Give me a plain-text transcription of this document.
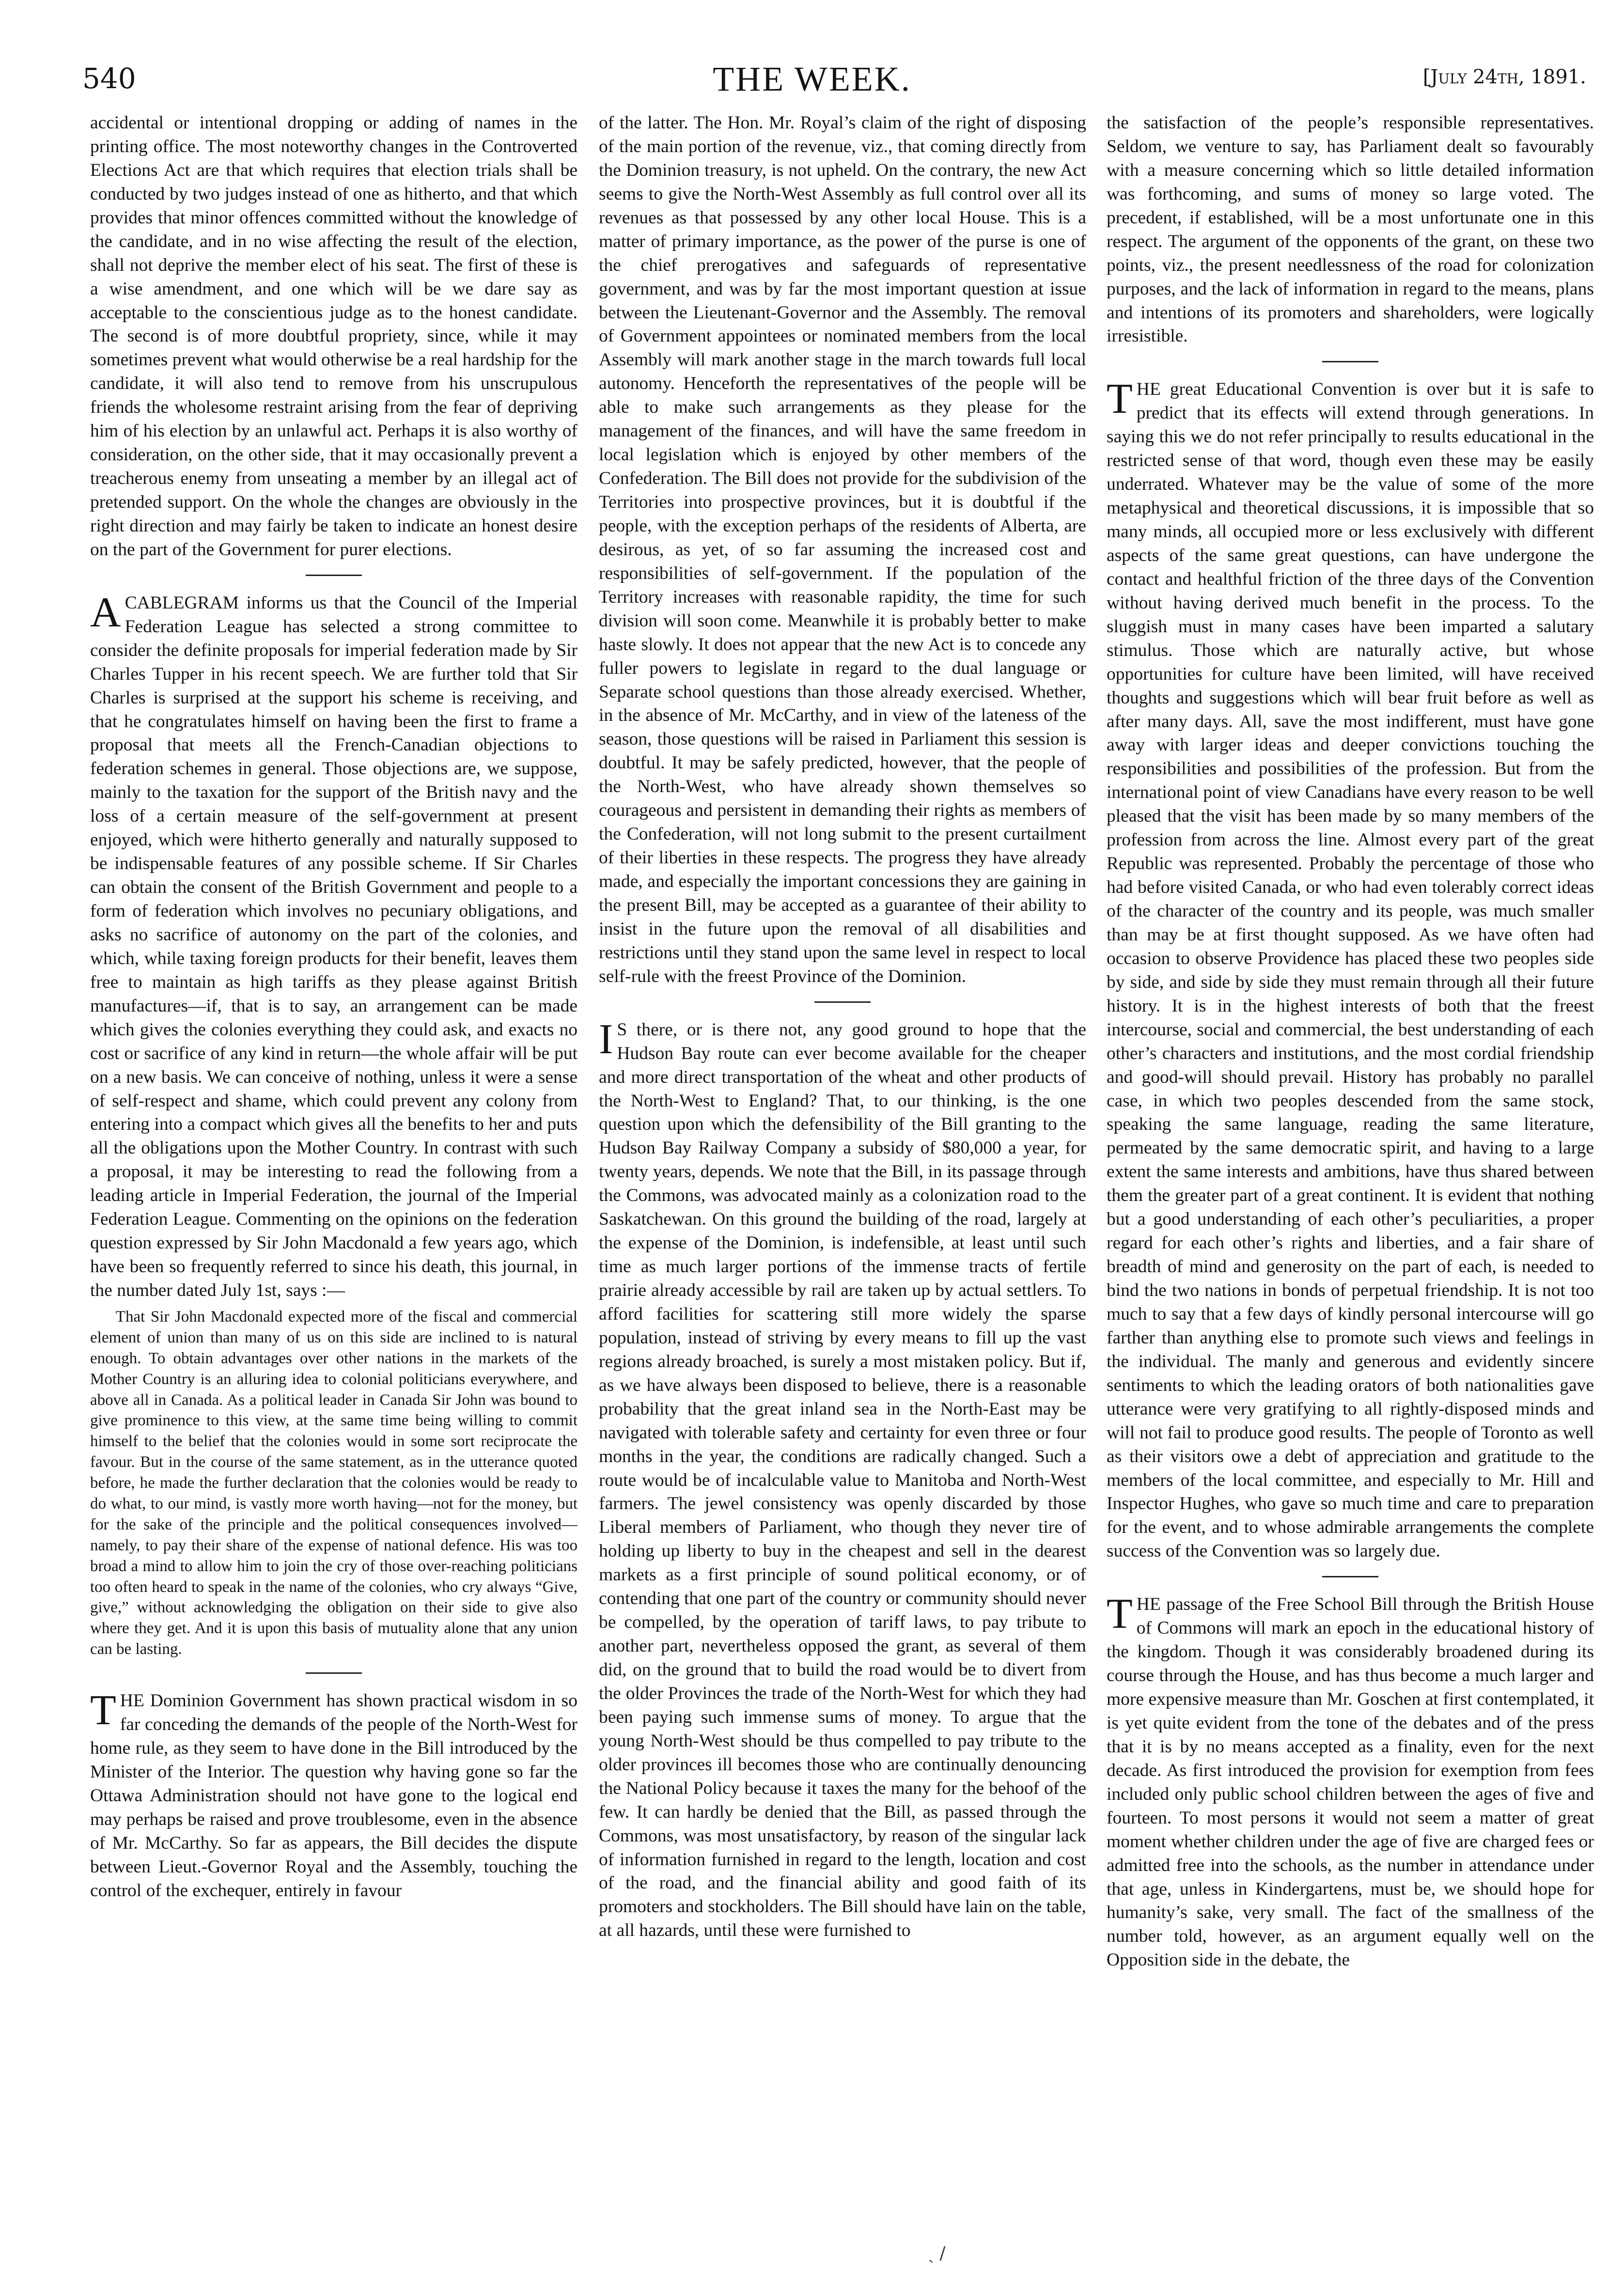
540	THE WEEK.	[July 24th, 1891.

accidental or intentional dropping or adding of names in the printing office. The most noteworthy changes in the Controverted Elections Act are that which requires that election trials shall be conducted by two judges instead of one as hitherto, and that which provides that minor offences committed without the knowledge of the candidate, and in no wise affecting the result of the election, shall not deprive the member elect of his seat. The first of these is a wise amendment, and one which will be we dare say as acceptable to the conscientious judge as to the honest candidate. The second is of more doubtful propriety, since, while it may sometimes prevent what would otherwise be a real hardship for the candidate, it will also tend to remove from his unscrupulous friends the wholesome restraint arising from the fear of depriving him of his election by an unlawful act. Perhaps it is also worthy of consideration, on the other side, that it may occasionally prevent a treacherous enemy from unseating a member by an illegal act of pretended support. On the whole the changes are obviously in the right direction and may fairly be taken to indicate an honest desire on the part of the Government for purer elections.

ACABLEGRAM informs us that the Council of the Imperial Federation League has selected a strong committee to consider the definite proposals for imperial federation made by Sir Charles Tupper in his recent speech. We are further told that Sir Charles is surprised at the support his scheme is receiving, and that he congratulates himself on having been the first to frame a proposal that meets all the French-Canadian objections to federation schemes in general. Those objections are, we suppose, mainly to the taxation for the support of the British navy and the loss of a certain measure of the self-government at present enjoyed, which were hitherto generally and naturally supposed to be indispensable features of any possible scheme. If Sir Charles can obtain the consent of the British Government and people to a form of federation which involves no pecuniary obligations, and asks no sacrifice of autonomy on the part of the colonies, and which, while taxing foreign products for their benefit, leaves them free to maintain as high tariffs as they please against British manufactures—if, that is to say, an arrangement can be made which gives the colonies everything they could ask, and exacts no cost or sacrifice of any kind in return—the whole affair will be put on a new basis. We can conceive of nothing, unless it were a sense of self-respect and shame, which could prevent any colony from entering into a compact which gives all the benefits to her and puts all the obligations upon the Mother Country. In contrast with such a proposal, it may be interesting to read the following from a leading article in Imperial Federation, the journal of the Imperial Federation League. Commenting on the opinions on the federation question expressed by Sir John Macdonald a few years ago, which have been so frequently referred to since his death, this journal, in the number dated July 1st, says :—

That Sir John Macdonald expected more of the fiscal and commercial element of union than many of us on this side are inclined to is natural enough. To obtain advantages over other nations in the markets of the Mother Country is an alluring idea to colonial politicians everywhere, and above all in Canada. As a political leader in Canada Sir John was bound to give prominence to this view, at the same time being willing to commit himself to the belief that the colonies would in some sort reciprocate the favour. But in the course of the same statement, as in the utterance quoted before, he made the further declaration that the colonies would be ready to do what, to our mind, is vastly more worth having—not for the money, but for the sake of the principle and the political consequences involved—namely, to pay their share of the expense of national defence. His was too broad a mind to allow him to join the cry of those over-reaching politicians too often heard to speak in the name of the colonies, who cry always “Give, give,” without acknowledging the obligation on their side to give also where they get. And it is upon this basis of mutuality alone that any union can be lasting.

THE Dominion Government has shown practical wisdom in so far conceding the demands of the people of the North-West for home rule, as they seem to have done in the Bill introduced by the Minister of the Interior. The question why having gone so far the Ottawa Administration should not have gone to the logical end may perhaps be raised and prove troublesome, even in the absence of Mr. McCarthy. So far as appears, the Bill decides the dispute between Lieut.-Governor Royal and the Assembly, touching the control of the exchequer, entirely in favour

of the latter. The Hon. Mr. Royal’s claim of the right of disposing of the main portion of the revenue, viz., that coming directly from the Dominion treasury, is not upheld. On the contrary, the new Act seems to give the North-West Assembly as full control over all its revenues as that possessed by any other local House. This is a matter of primary importance, as the power of the purse is one of the chief prerogatives and safeguards of representative government, and was by far the most important question at issue between the Lieutenant-Governor and the Assembly. The removal of Government appointees or nominated members from the local Assembly will mark another stage in the march towards full local autonomy. Henceforth the representatives of the people will be able to make such arrangements as they please for the management of the finances, and will have the same freedom in local legislation which is enjoyed by other members of the Confederation. The Bill does not provide for the subdivision of the Territories into prospective provinces, but it is doubtful if the people, with the exception perhaps of the residents of Alberta, are desirous, as yet, of so far assuming the increased cost and responsibilities of self-government. If the population of the Territory increases with reasonable rapidity, the time for such division will soon come. Meanwhile it is probably better to make haste slowly. It does not appear that the new Act is to concede any fuller powers to legislate in regard to the dual language or Separate school questions than those already exercised. Whether, in the absence of Mr. McCarthy, and in view of the lateness of the season, those questions will be raised in Parliament this session is doubtful. It may be safely predicted, however, that the people of the North-West, who have already shown themselves so courageous and persistent in demanding their rights as members of the Confederation, will not long submit to the present curtailment of their liberties in these respects. The progress they have already made, and especially the important concessions they are gaining in the present Bill, may be accepted as a guarantee of their ability to insist in the future upon the removal of all disabilities and restrictions until they stand upon the same level in respect to local self-rule with the freest Province of the Dominion.

I S there, or is there not, any good ground to hope that the Hudson Bay route can ever become available for the cheaper and more direct transportation of the wheat and other products of the North-West to England? That, to our thinking, is the one question upon which the defensibility of the Bill granting to the Hudson Bay Railway Company a subsidy of $80,000 a year, for twenty years, depends. We note that the Bill, in its passage through the Commons, was advocated mainly as a colonization road to the Saskatchewan. On this ground the building of the road, largely at the expense of the Dominion, is indefensible, at least until such time as much larger portions of the immense tracts of fertile prairie already accessible by rail are taken up by actual settlers. To afford facilities for scattering still more widely the sparse population, instead of striving by every means to fill up the vast regions already broached, is surely a most mistaken policy. But if, as we have always been disposed to believe, there is a reasonable probability that the great inland sea in the North-East may be navigated with tolerable safety and certainty for even three or four months in the year, the conditions are radically changed. Such a route would be of incalculable value to Manitoba and North-West farmers. The jewel consistency was openly discarded by those Liberal members of Parliament, who though they never tire of holding up liberty to buy in the cheapest and sell in the dearest markets as a first principle of sound political economy, or of contending that one part of the country or community should never be compelled, by the operation of tariff laws, to pay tribute to another part, nevertheless opposed the grant, as several of them did, on the ground that to build the road would be to divert from the older Provinces the trade of the North-West for which they had been paying such immense sums of money. To argue that the young North-West should be thus compelled to pay tribute to the older provinces ill becomes those who are continually denouncing the National Policy because it taxes the many for the behoof of the few. It can hardly be denied that the Bill, as passed through the Commons, was most unsatisfactory, by reason of the singular lack of information furnished in regard to the length, location and cost of the road, and the financial ability and good faith of its promoters and stockholders. The Bill should have lain on the table, at all hazards, until these were furnished to

the satisfaction of the people’s responsible representatives. Seldom, we venture to say, has Parliament dealt so favourably with a measure concerning which so little detailed information was forthcoming, and sums of money so large voted. The precedent, if established, will be a most unfortunate one in this respect. The argument of the opponents of the grant, on these two points, viz., the present needlessness of the road for colonization purposes, and the lack of information in regard to the means, plans and intentions of its promoters and shareholders, were logically irresistible.

THE great Educational Convention is over but it is safe to predict that its effects will extend through generations. In saying this we do not refer principally to results educational in the restricted sense of that word, though even these may be easily underrated. Whatever may be the value of some of the more metaphysical and theoretical discussions, it is impossible that so many minds, all occupied more or less exclusively with different aspects of the same great questions, can have undergone the contact and healthful friction of the three days of the Convention without having derived much benefit in the process. To the sluggish must in many cases have been imparted a salutary stimulus. Those which are naturally active, but whose opportunities for culture have been limited, will have received thoughts and suggestions which will bear fruit before as well as after many days. All, save the most indifferent, must have gone away with larger ideas and deeper convictions touching the responsibilities and possibilities of the profession. But from the international point of view Canadians have every reason to be well pleased that the visit has been made by so many members of the profession from across the line. Almost every part of the great Republic was represented. Probably the percentage of those who had before visited Canada, or who had even tolerably correct ideas of the character of the country and its people, was much smaller than may be at first thought supposed. As we have often had occasion to observe Providence has placed these two peoples side by side, and side by side they must remain through all their future history. It is in the highest interests of both that the freest intercourse, social and commercial, the best understanding of each other’s characters and institutions, and the most cordial friendship and good-will should prevail. History has probably no parallel case, in which two peoples descended from the same stock, speaking the same language, reading the same literature, permeated by the same democratic spirit, and having to a large extent the same interests and ambitions, have thus shared between them the greater part of a great continent. It is evident that nothing but a good understanding of each other’s peculiarities, a proper regard for each other’s rights and liberties, and a fair share of breadth of mind and generosity on the part of each, is needed to bind the two nations in bonds of perpetual friendship. It is not too much to say that a few days of kindly personal intercourse will go farther than anything else to promote such views and feelings in the individual. The manly and generous and evidently sincere sentiments to which the leading orators of both nationalities gave utterance were very gratifying to all rightly-disposed minds and will not fail to produce good results. The people of Toronto as well as their visitors owe a debt of appreciation and gratitude to the members of the local committee, and especially to Mr. Hill and Inspector Hughes, who gave so much time and care to preparation for the event, and to whose admirable arrangements the complete success of the Convention was so largely due.

THE passage of the Free School Bill through the British House of Commons will mark an epoch in the educational history of the kingdom. Though it was considerably broadened during its course through the House, and has thus become a much larger and more expensive measure than Mr. Goschen at first contemplated, it is yet quite evident from the tone of the debates and of the press that it is by no means accepted as a finality, even for the next decade. As first introduced the provision for exemption from fees included only public school children between the ages of five and fourteen. To most persons it would not seem a matter of great moment whether children under the age of five are charged fees or admitted free into the schools, as the number in attendance under that age, unless in Kindergartens, must be, we should hope for humanity’s sake, very small. The fact of the smallness of the number told, however, as an argument equally well on the Opposition side in the debate, the

ˏ /
